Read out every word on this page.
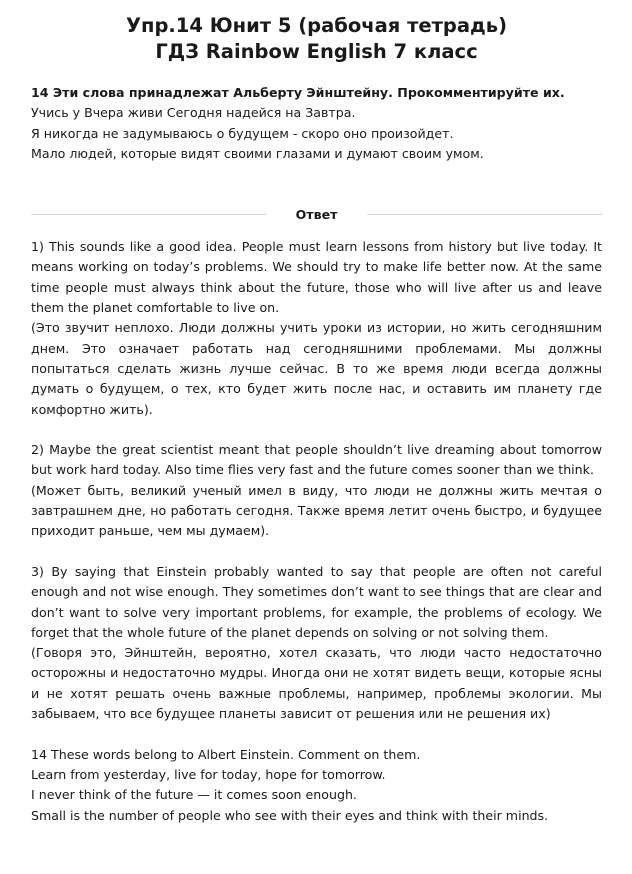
Упр.14 Юнит 5 (рабочая тетрадь)
ГДЗ Rainbow English 7 класс
14 Эти слова принадлежат Альберту Эйнштейну. Прокомментируйте их.
Учись у Вчера живи Сегодня надейся на Завтра.
Я никогда не задумываюсь о будущем - скоро оно произойдет.
Мало людей, которые видят своими глазами и думают своим умом.
Ответ

1) This sounds like a good idea. People must learn lessons from history but live today. It means working on today’s problems. We should try to make life better now. At the same time people must always think about the future, those who will live after us and leave them the planet comfortable to live on.

(Это звучит неплохо. Люди должны учить уроки из истории, но жить сегодняшним днем. Это означает работать над сегодняшними проблемами. Мы должны попытаться сделать жизнь лучше сейчас. В то же время люди всегда должны думать о будущем, о тех, кто будет жить после нас, и оставить им планету где комфортно жить).

2) Maybe the great scientist meant that people shouldn’t live dreaming about tomorrow but work hard today. Also time flies very fast and the future comes sooner than we think.

(Может быть, великий ученый имел в виду, что люди не должны жить мечтая о завтрашнем дне, но работать сегодня. Также время летит очень быстро, и будущее приходит раньше, чем мы думаем).

3) By saying that Einstein probably wanted to say that people are often not careful enough and not wise enough. They sometimes don’t want to see things that are clear and don’t want to solve very important problems, for example, the problems of ecology. We forget that the whole future of the planet depends on solving or not solving them.

(Говоря это, Эйнштейн, вероятно, хотел сказать, что люди часто недостаточно осторожны и недостаточно мудры. Иногда они не хотят видеть вещи, которые ясны и не хотят решать очень важные проблемы, например, проблемы экологии. Мы забываем, что все будущее планеты зависит от решения или не решения их)

14 These words belong to Albert Einstein. Comment on them.
Learn from yesterday, live for today, hope for tomorrow.
I never think of the future — it comes soon enough.
Small is the number of people who see with their eyes and think with their minds.
